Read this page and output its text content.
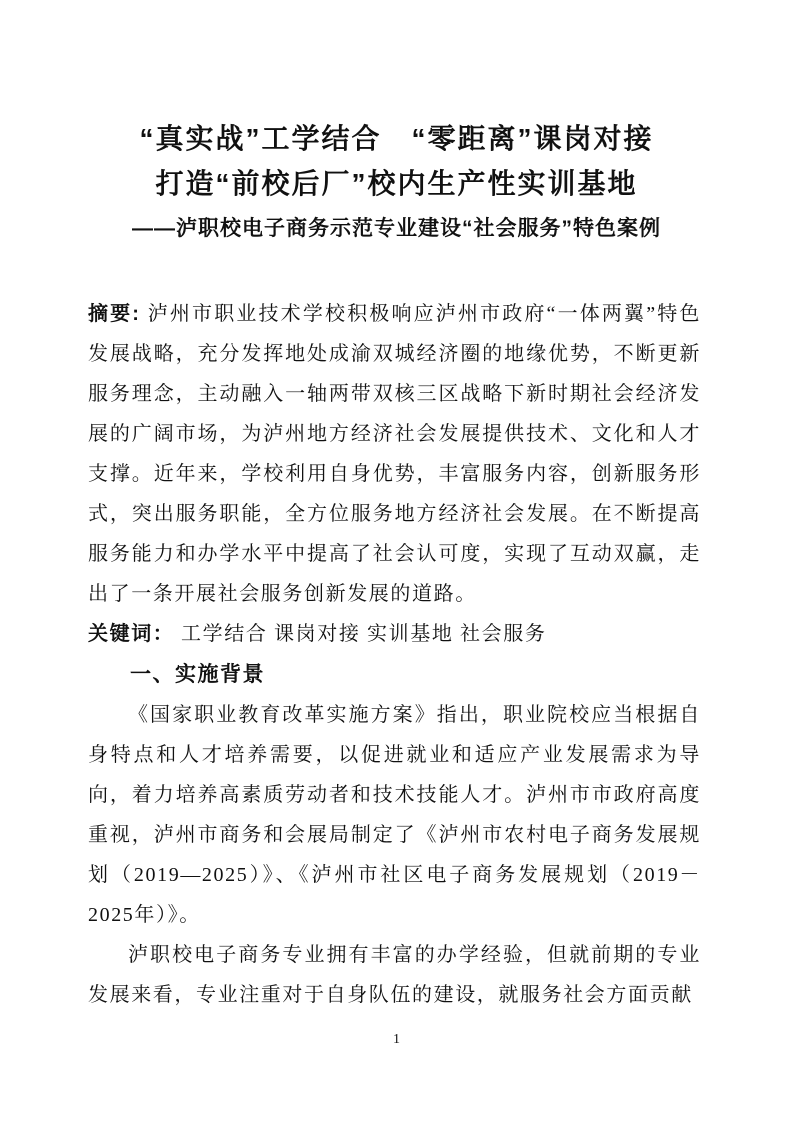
“真实战”工学结合　“零距离”课岗对接
打造“前校后厂”校内生产性实训基地
——泸职校电子商务示范专业建设“社会服务”特色案例

摘要: 泸州市职业技术学校积极响应泸州市政府“一体两翼”特色发展战略，充分发挥地处成渝双城经济圈的地缘优势，不断更新服务理念，主动融入一轴两带双核三区战略下新时期社会经济发展的广阔市场，为泸州地方经济社会发展提供技术、文化和人才支撑。近年来，学校利用自身优势，丰富服务内容，创新服务形式，突出服务职能，全方位服务地方经济社会发展。在不断提高服务能力和办学水平中提高了社会认可度，实现了互动双赢，走出了一条开展社会服务创新发展的道路。

关键词： 工学结合 课岗对接 实训基地 社会服务

一、实施背景

《国家职业教育改革实施方案》指出，职业院校应当根据自身特点和人才培养需要，以促进就业和适应产业发展需求为导向，着力培养高素质劳动者和技术技能人才。泸州市市政府高度重视，泸州市商务和会展局制定了《泸州市农村电子商务发展规划（2019—2025）》、《泸州市社区电子商务发展规划（2019－2025年）》。

泸职校电子商务专业拥有丰富的办学经验，但就前期的专业发展来看，专业注重对于自身队伍的建设，就服务社会方面贡献

1
